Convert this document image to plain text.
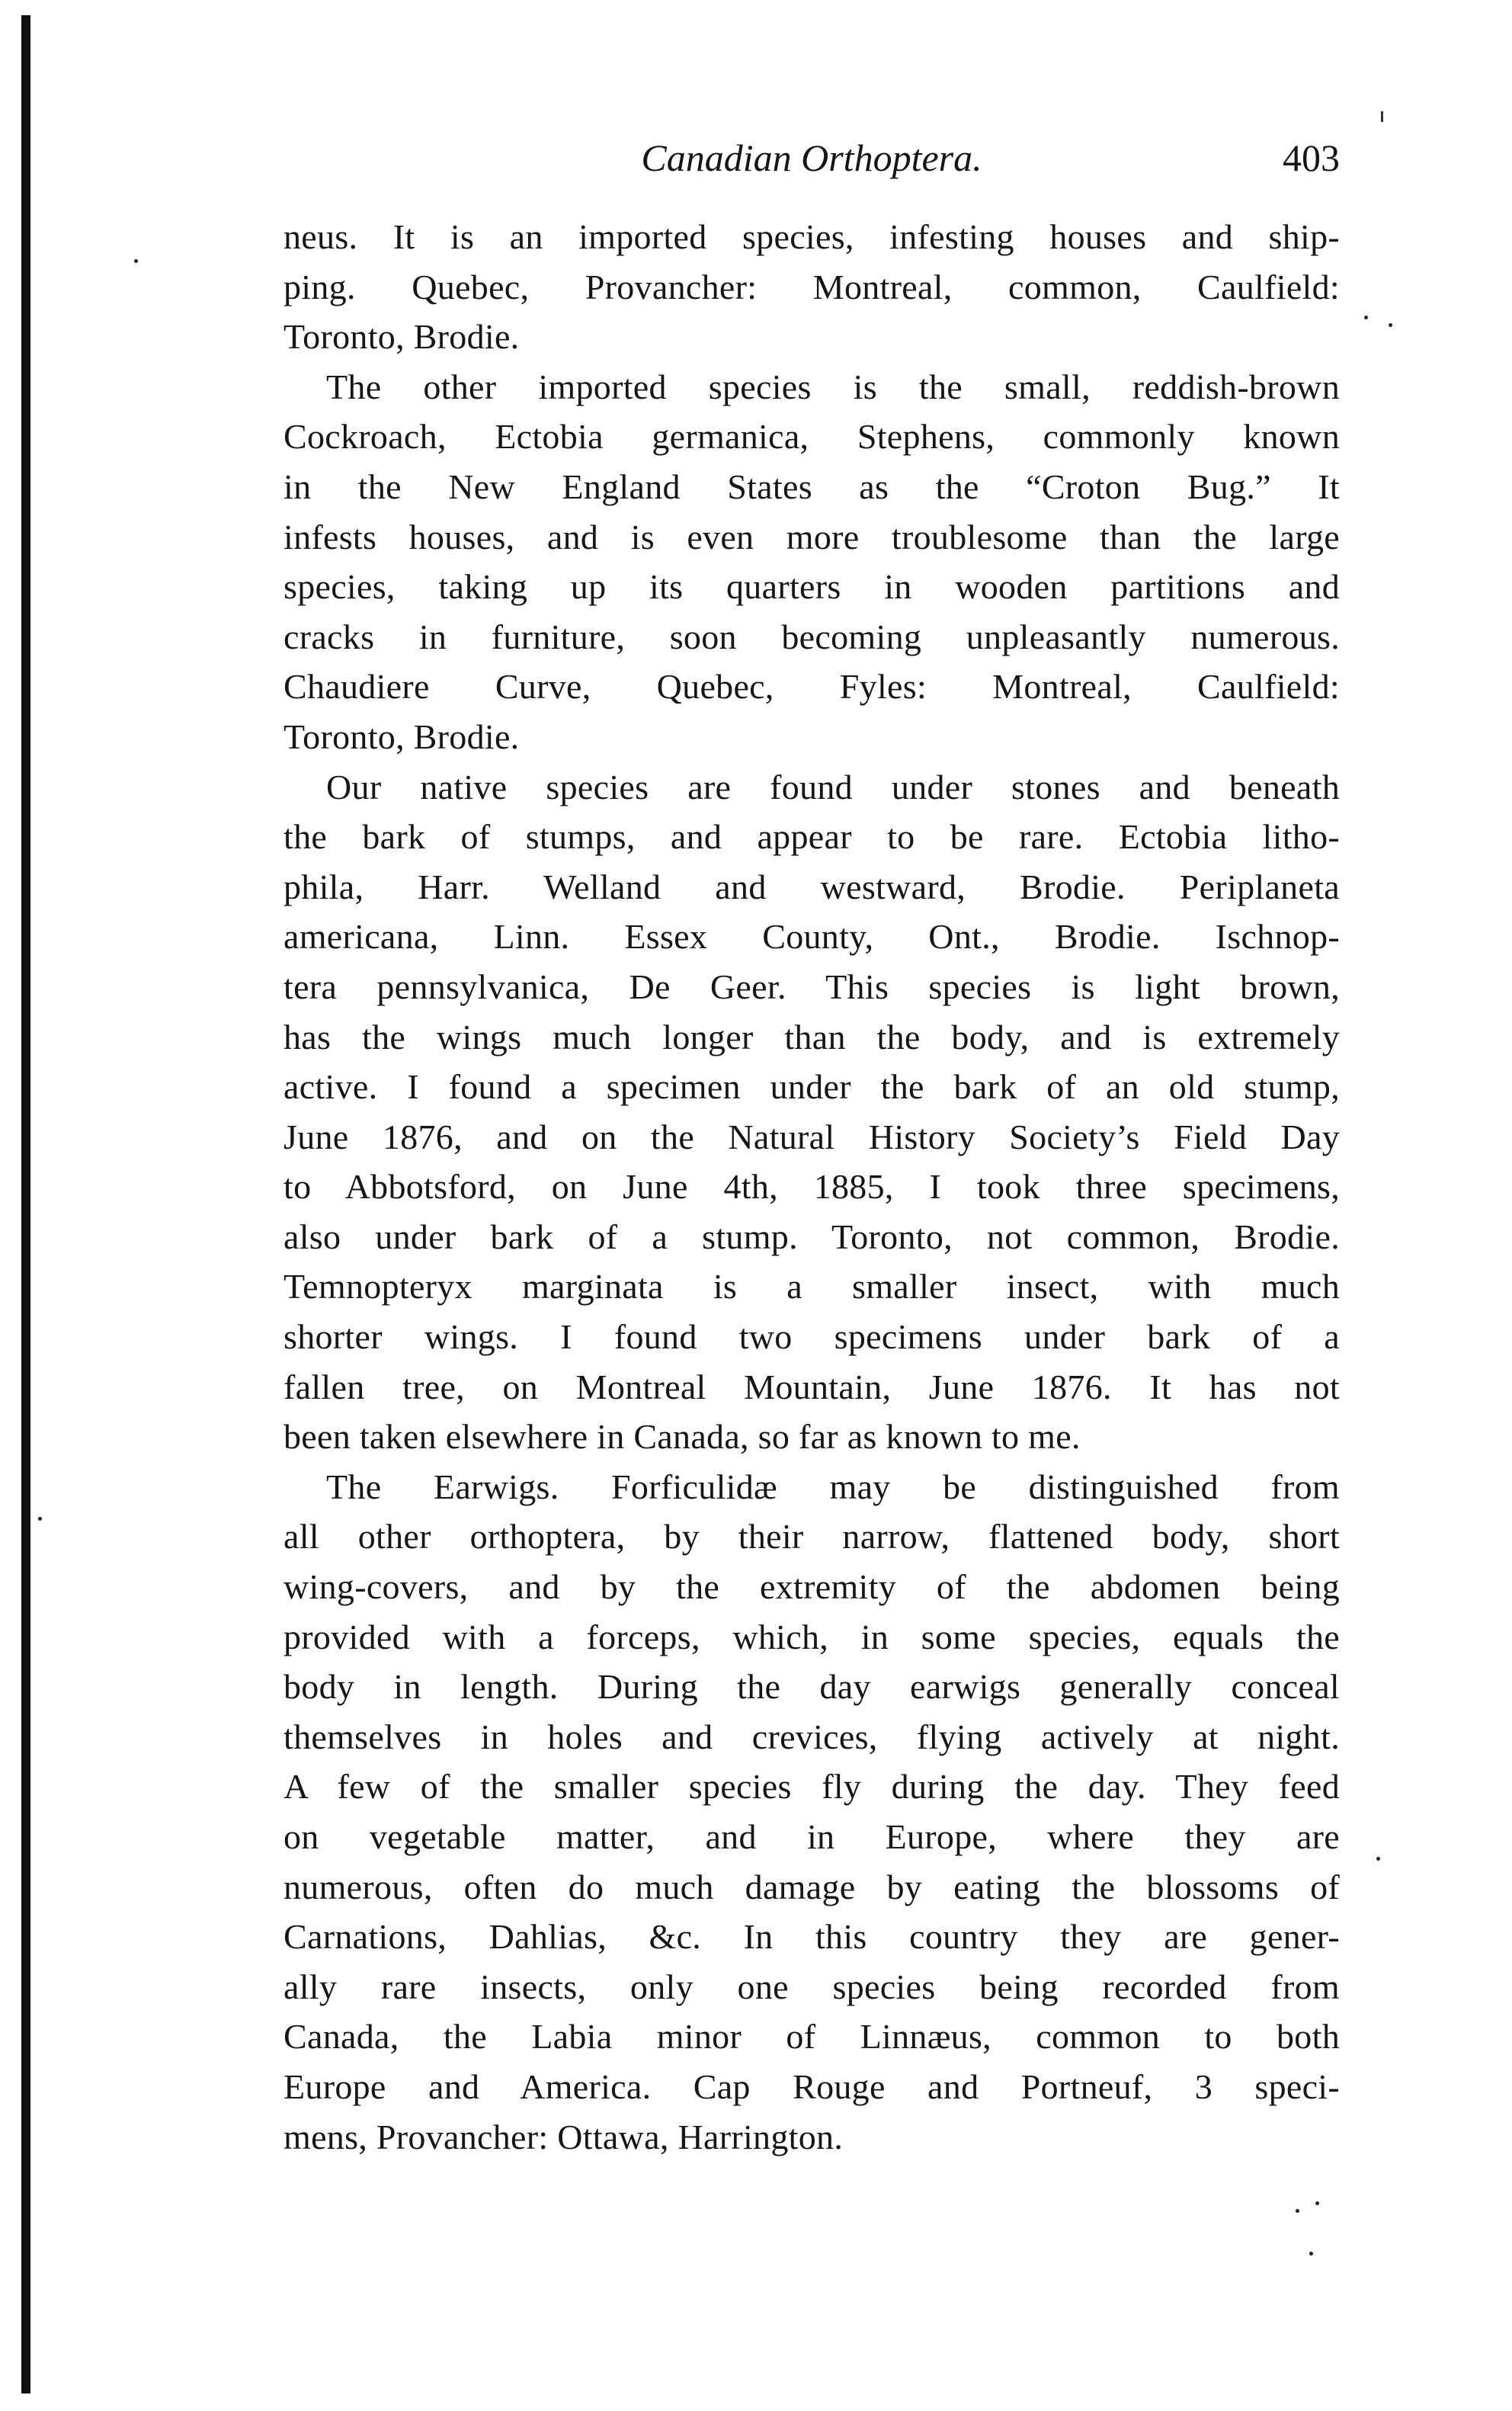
Canadian Orthoptera.	403
neus. It is an imported species, infesting houses and ship-
ping. Quebec, Provancher: Montreal, common, Caulfield:
Toronto, Brodie.
The other imported species is the small, reddish-brown
Cockroach, Ectobia germanica, Stephens, commonly known
in the New England States as the “Croton Bug.” It
infests houses, and is even more troublesome than the large
species, taking up its quarters in wooden partitions and
cracks in furniture, soon becoming unpleasantly numerous.
Chaudiere Curve, Quebec, Fyles: Montreal, Caulfield:
Toronto, Brodie.
Our native species are found under stones and beneath
the bark of stumps, and appear to be rare. Ectobia litho-
phila, Harr. Welland and westward, Brodie. Periplaneta
americana, Linn. Essex County, Ont., Brodie. Ischnop-
tera pennsylvanica, De Geer. This species is light brown,
has the wings much longer than the body, and is extremely
active. I found a specimen under the bark of an old stump,
June 1876, and on the Natural History Society’s Field Day
to Abbotsford, on June 4th, 1885, I took three specimens,
also under bark of a stump. Toronto, not common, Brodie.
Temnopteryx marginata is a smaller insect, with much
shorter wings. I found two specimens under bark of a
fallen tree, on Montreal Mountain, June 1876. It has not
been taken elsewhere in Canada, so far as known to me.
The Earwigs. Forficulidæ may be distinguished from
all other orthoptera, by their narrow, flattened body, short
wing-covers, and by the extremity of the abdomen being
provided with a forceps, which, in some species, equals the
body in length. During the day earwigs generally conceal
themselves in holes and crevices, flying actively at night.
A few of the smaller species fly during the day. They feed
on vegetable matter, and in Europe, where they are
numerous, often do much damage by eating the blossoms of
Carnations, Dahlias, &c. In this country they are gener-
ally rare insects, only one species being recorded from
Canada, the Labia minor of Linnæus, common to both
Europe and America. Cap Rouge and Portneuf, 3 speci-
mens, Provancher: Ottawa, Harrington.
